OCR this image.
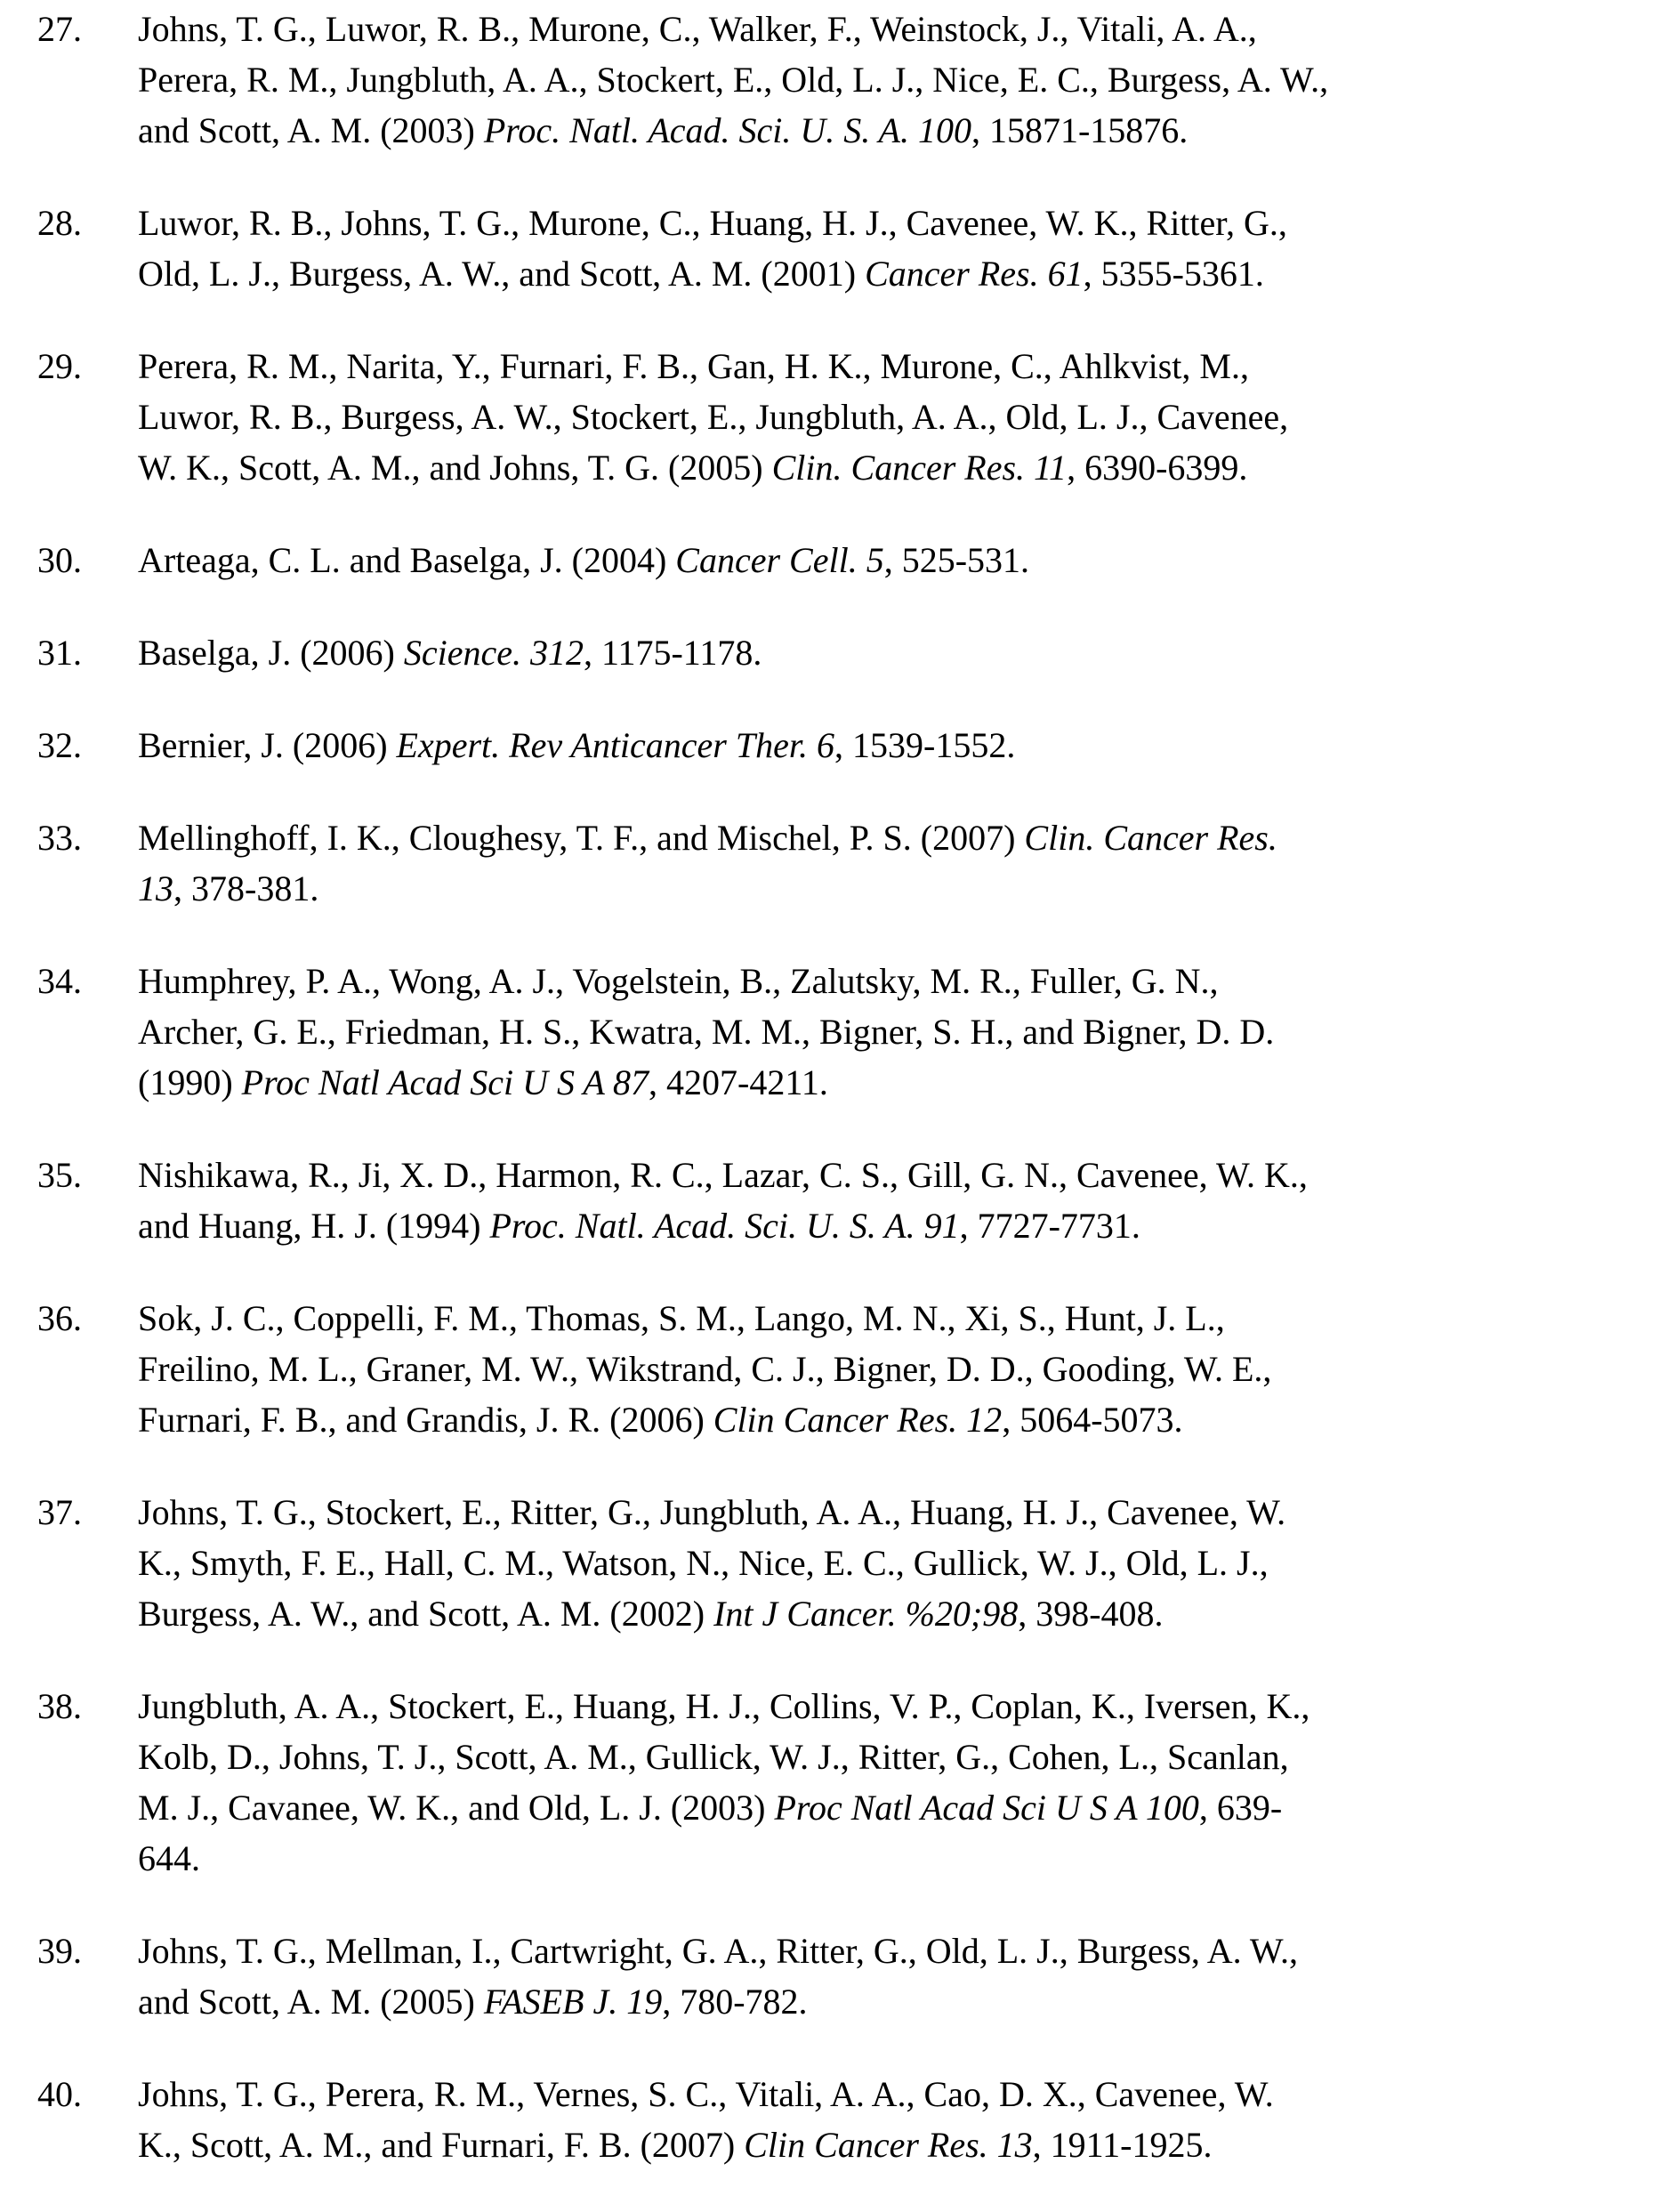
27. Johns, T. G., Luwor, R. B., Murone, C., Walker, F., Weinstock, J., Vitali, A. A.,
Perera, R. M., Jungbluth, A. A., Stockert, E., Old, L. J., Nice, E. C., Burgess, A. W.,
and Scott, A. M. (2003) Proc. Natl. Acad. Sci. U. S. A. 100, 15871-15876.
28. Luwor, R. B., Johns, T. G., Murone, C., Huang, H. J., Cavenee, W. K., Ritter, G.,
Old, L. J., Burgess, A. W., and Scott, A. M. (2001) Cancer Res. 61, 5355-5361.
29. Perera, R. M., Narita, Y., Furnari, F. B., Gan, H. K., Murone, C., Ahlkvist, M.,
Luwor, R. B., Burgess, A. W., Stockert, E., Jungbluth, A. A., Old, L. J., Cavenee,
W. K., Scott, A. M., and Johns, T. G. (2005) Clin. Cancer Res. 11, 6390-6399.
30. Arteaga, C. L. and Baselga, J. (2004) Cancer Cell. 5, 525-531.
31. Baselga, J. (2006) Science. 312, 1175-1178.
32. Bernier, J. (2006) Expert. Rev Anticancer Ther. 6, 1539-1552.
33. Mellinghoff, I. K., Cloughesy, T. F., and Mischel, P. S. (2007) Clin. Cancer Res.
13, 378-381.
34. Humphrey, P. A., Wong, A. J., Vogelstein, B., Zalutsky, M. R., Fuller, G. N.,
Archer, G. E., Friedman, H. S., Kwatra, M. M., Bigner, S. H., and Bigner, D. D.
(1990) Proc Natl Acad Sci U S A 87, 4207-4211.
35. Nishikawa, R., Ji, X. D., Harmon, R. C., Lazar, C. S., Gill, G. N., Cavenee, W. K.,
and Huang, H. J. (1994) Proc. Natl. Acad. Sci. U. S. A. 91, 7727-7731.
36. Sok, J. C., Coppelli, F. M., Thomas, S. M., Lango, M. N., Xi, S., Hunt, J. L.,
Freilino, M. L., Graner, M. W., Wikstrand, C. J., Bigner, D. D., Gooding, W. E.,
Furnari, F. B., and Grandis, J. R. (2006) Clin Cancer Res. 12, 5064-5073.
37. Johns, T. G., Stockert, E., Ritter, G., Jungbluth, A. A., Huang, H. J., Cavenee, W.
K., Smyth, F. E., Hall, C. M., Watson, N., Nice, E. C., Gullick, W. J., Old, L. J.,
Burgess, A. W., and Scott, A. M. (2002) Int J Cancer. %20;98, 398-408.
38. Jungbluth, A. A., Stockert, E., Huang, H. J., Collins, V. P., Coplan, K., Iversen, K.,
Kolb, D., Johns, T. J., Scott, A. M., Gullick, W. J., Ritter, G., Cohen, L., Scanlan,
M. J., Cavanee, W. K., and Old, L. J. (2003) Proc Natl Acad Sci U S A 100, 639-
644.
39. Johns, T. G., Mellman, I., Cartwright, G. A., Ritter, G., Old, L. J., Burgess, A. W.,
and Scott, A. M. (2005) FASEB J. 19, 780-782.
40. Johns, T. G., Perera, R. M., Vernes, S. C., Vitali, A. A., Cao, D. X., Cavenee, W.
K., Scott, A. M., and Furnari, F. B. (2007) Clin Cancer Res. 13, 1911-1925.
